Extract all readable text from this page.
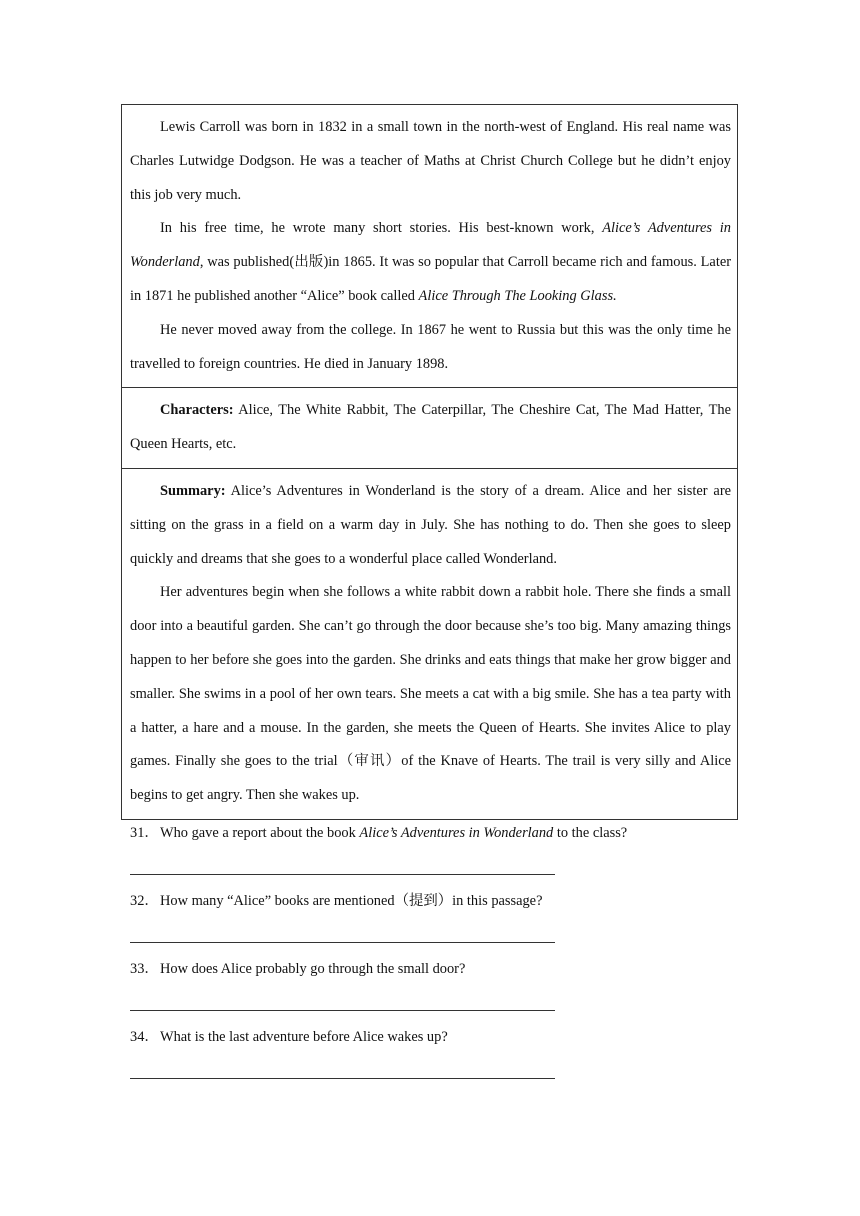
Lewis Carroll was born in 1832 in a small town in the north-west of England. His real name was Charles Lutwidge Dodgson. He was a teacher of Maths at Christ Church College but he didn’t enjoy this job very much.

In his free time, he wrote many short stories. His best-known work, Alice’s Adventures in Wonderland, was published(出版)in 1865. It was so popular that Carroll became rich and famous. Later in 1871 he published another “Alice” book called Alice Through The Looking Glass.

He never moved away from the college. In 1867 he went to Russia but this was the only time he travelled to foreign countries. He died in January 1898.

Characters: Alice, The White Rabbit, The Caterpillar, The Cheshire Cat, The Mad Hatter, The Queen Hearts, etc.

Summary: Alice’s Adventures in Wonderland is the story of a dream. Alice and her sister are sitting on the grass in a field on a warm day in July. She has nothing to do. Then she goes to sleep quickly and dreams that she goes to a wonderful place called Wonderland.

Her adventures begin when she follows a white rabbit down a rabbit hole. There she finds a small door into a beautiful garden. She can’t go through the door because she’s too big. Many amazing things happen to her before she goes into the garden. She drinks and eats things that make her grow bigger and smaller. She swims in a pool of her own tears. She meets a cat with a big smile. She has a tea party with a hatter, a hare and a mouse. In the garden, she meets the Queen of Hearts. She invites Alice to play games. Finally she goes to the trial（审讯）of the Knave of Hearts. The trail is very silly and Alice begins to get angry. Then she wakes up.

31．Who gave a report about the book Alice’s Adventures in Wonderland to the class?
32．How many “Alice” books are mentioned（提到）in this passage?
33．How does Alice probably go through the small door?
34．What is the last adventure before Alice wakes up?
